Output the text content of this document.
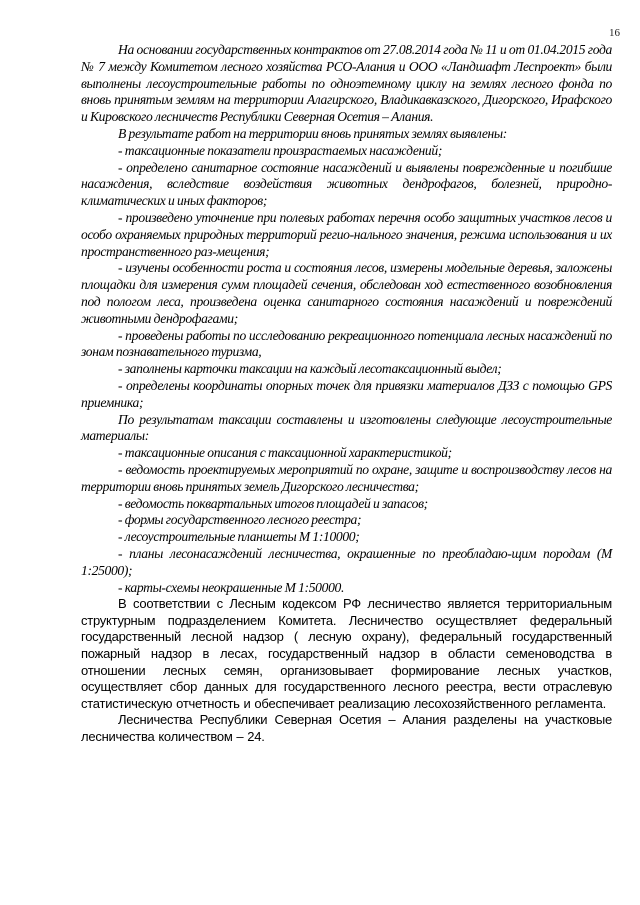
16

На основании государственных контрактов от 27.08.2014 года № 11 и от 01.04.2015 года № 7 между Комитетом лесного хозяйства РСО-Алания и ООО «Ландшафт Леспроект» были выполнены лесоустроительные работы по одноэтемному циклу на землях лесного фонда по вновь принятым землям на территории Алагирского, Владикавказского, Дигорского, Ирафского и Кировского лесничеств Республики Северная Осетия – Алания.

В результате работ на территории вновь принятых землях выявлены:

- таксационные показатели произрастаемых насаждений;

- определено санитарное состояние насаждений и выявлены поврежденные и погибшие насаждения, вследствие воздействия животных дендрофагов, болезней, природно-климатических и иных факторов;

- произведено уточнение при полевых работах перечня особо защитных участков лесов и особо охраняемых природных территорий регио-нального значения, режима использования и их пространственного раз-мещения;

- изучены особенности роста и состояния лесов, измерены модельные деревья, заложены площадки для измерения сумм площадей сечения, обследован ход естественного возобновления под пологом леса, произведена оценка санитарного состояния насаждений и повреждений животными дендрофагами;

- проведены работы по исследованию рекреационного потенциала лесных насаждений по зонам познавательного туризма,

- заполнены карточки таксации на каждый лесотаксационный выдел;

- определены координаты опорных точек для привязки материалов ДЗЗ с помощью GPS приемника;

По результатам таксации составлены и изготовлены следующие лесоустроительные материалы:

- таксационные описания с таксационной характеристикой;

- ведомость проектируемых мероприятий по охране, защите и воспроизводству лесов на территории вновь принятых земель Дигорского лесничества;

- ведомость поквартальных итогов площадей и запасов;

- формы государственного лесного реестра;

- лесоустроительные планшеты М 1:10000;

- планы лесонасаждений лесничества, окрашенные по преобладаю-щим породам (М 1:25000);

- карты-схемы неокрашенные М 1:50000.

В соответствии с Лесным кодексом РФ лесничество является территориальным структурным подразделением Комитета. Лесничество осуществляет федеральный государственный лесной надзор ( лесную охрану), федеральный государственный пожарный надзор в лесах, государственный надзор в области семеноводства в отношении лесных семян, организовывает формирование лесных участков, осуществляет сбор данных для государственного лесного реестра, вести отраслевую статистическую отчетность и обеспечивает реализацию лесохозяйственного регламента.

Лесничества Республики Северная Осетия – Алания разделены на участковые лесничества количеством – 24.
